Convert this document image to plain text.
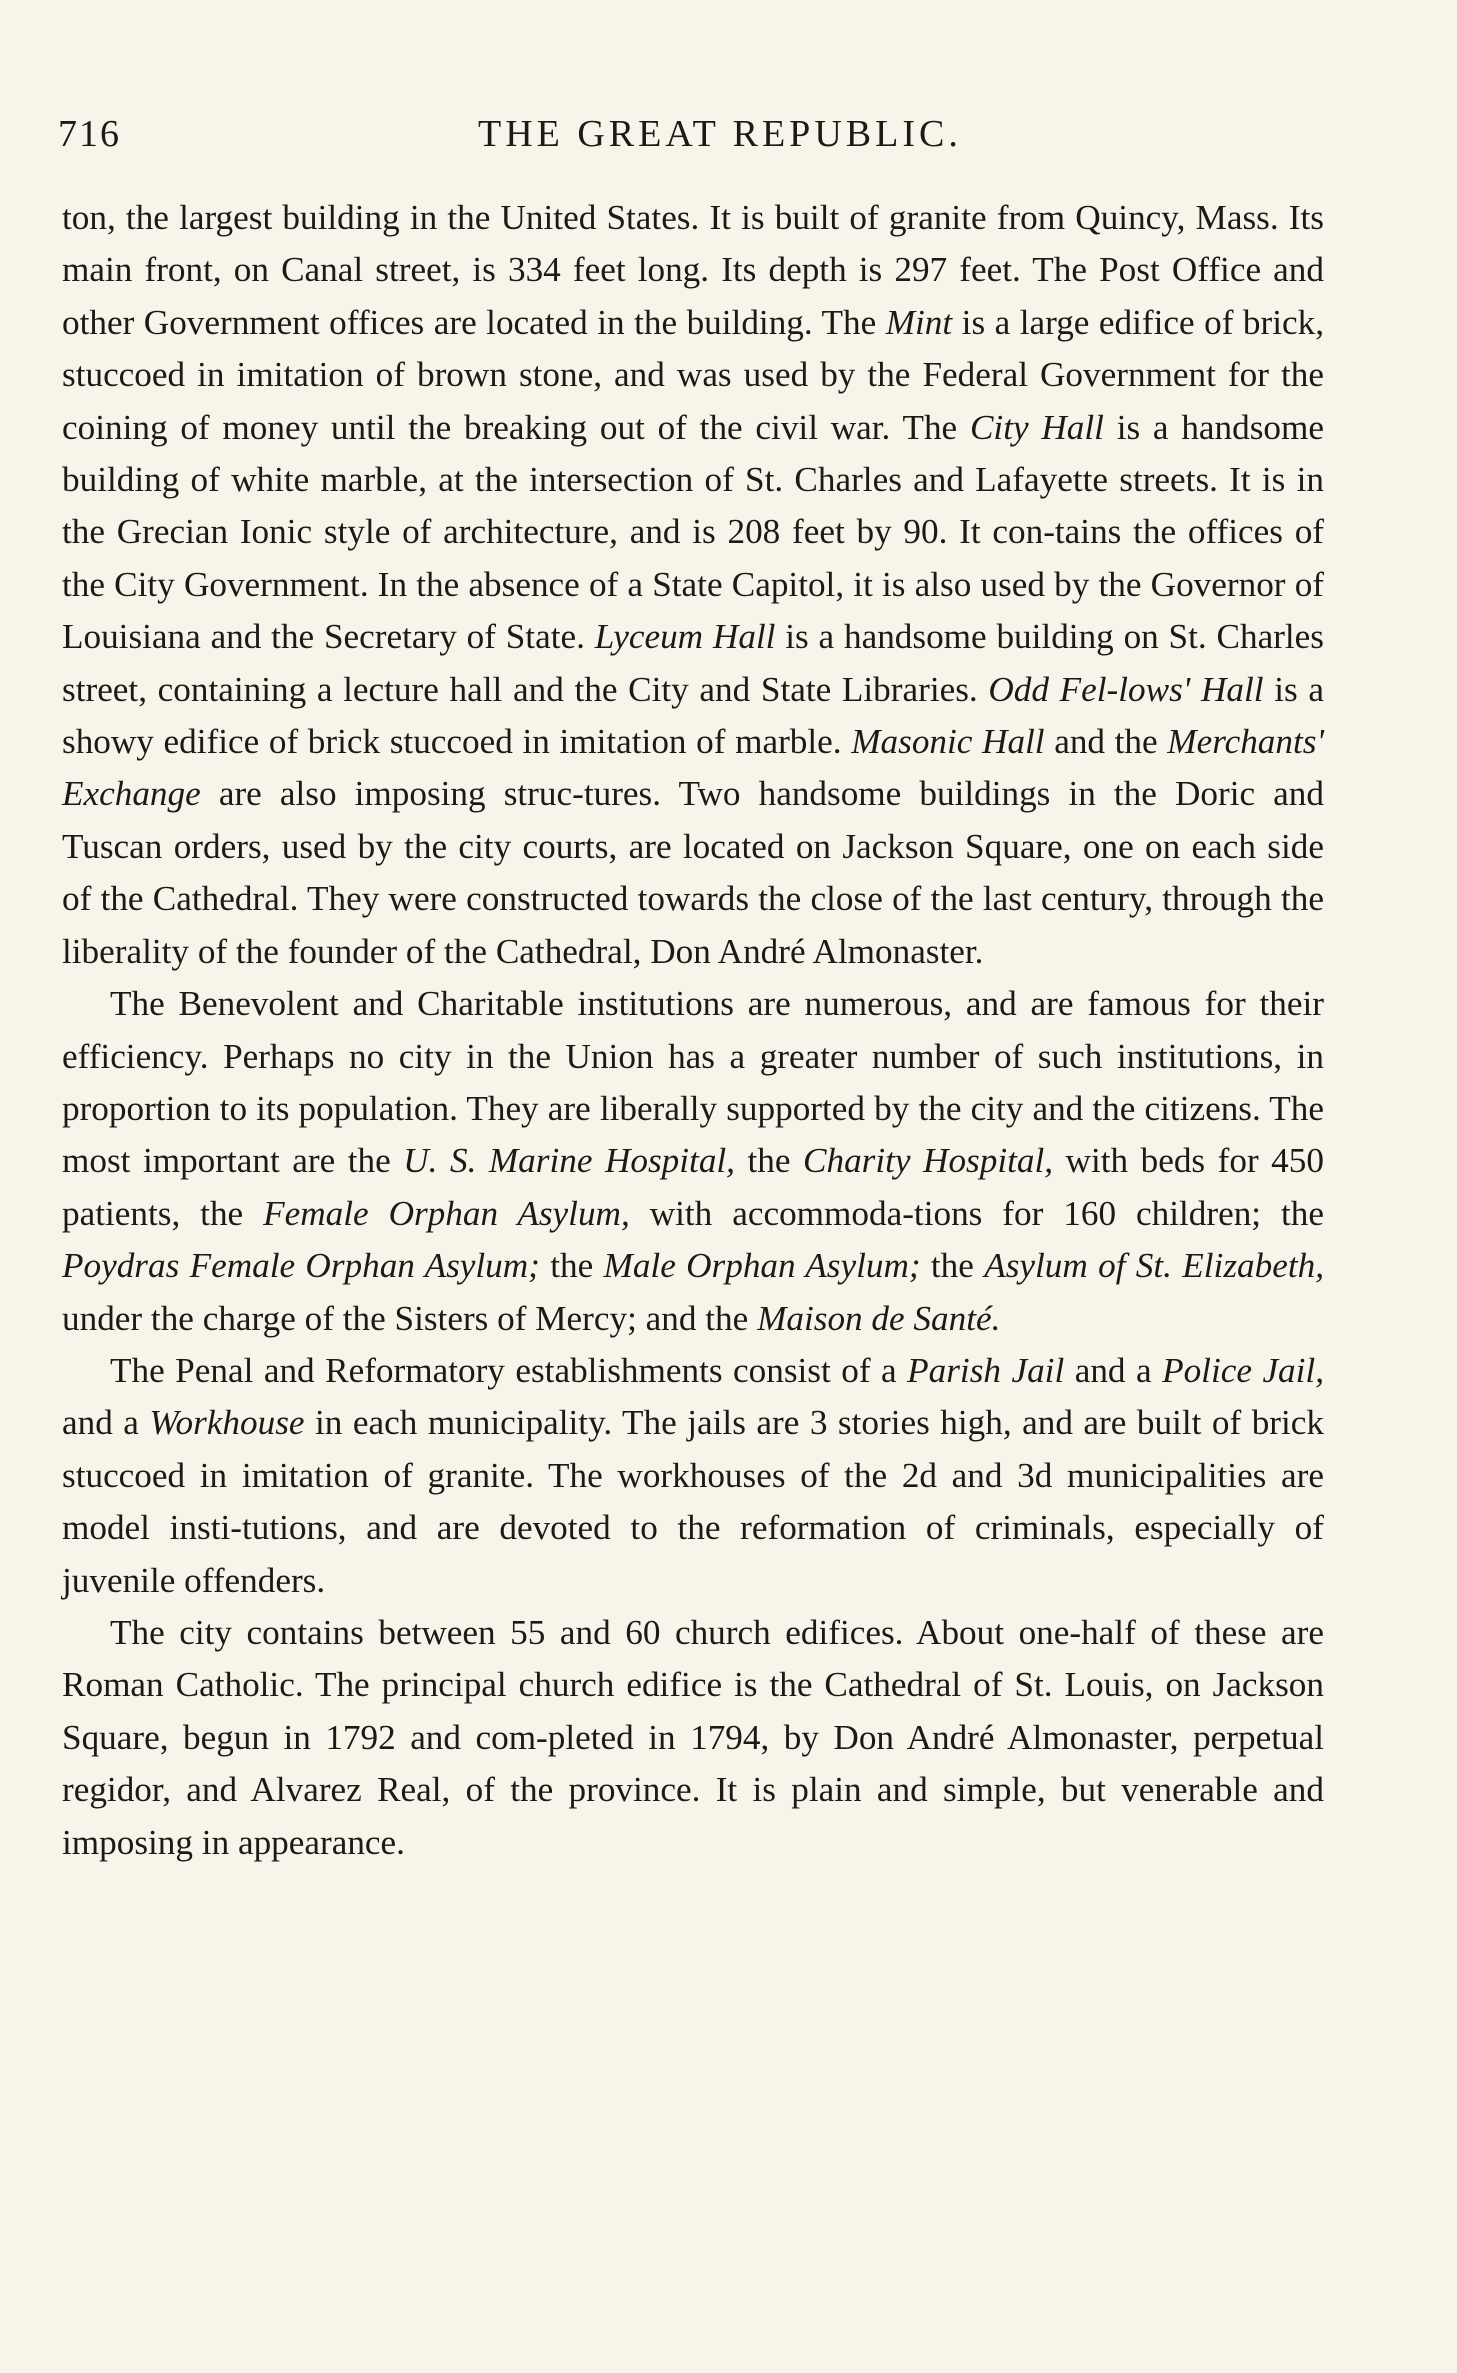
716	THE GREAT REPUBLIC.

ton, the largest building in the United States. It is built of granite from Quincy, Mass. Its main front, on Canal street, is 334 feet long. Its depth is 297 feet. The Post Office and other Government offices are located in the building. The Mint is a large edifice of brick, stuccoed in imitation of brown stone, and was used by the Federal Government for the coining of money until the breaking out of the civil war. The City Hall is a handsome building of white marble, at the intersection of St. Charles and Lafayette streets. It is in the Grecian Ionic style of architecture, and is 208 feet by 90. It con-tains the offices of the City Government. In the absence of a State Capitol, it is also used by the Governor of Louisiana and the Secretary of State. Lyceum Hall is a handsome building on St. Charles street, containing a lecture hall and the City and State Libraries. Odd Fel-lows' Hall is a showy edifice of brick stuccoed in imitation of marble. Masonic Hall and the Merchants' Exchange are also imposing struc-tures. Two handsome buildings in the Doric and Tuscan orders, used by the city courts, are located on Jackson Square, one on each side of the Cathedral. They were constructed towards the close of the last century, through the liberality of the founder of the Cathedral, Don André Almonaster.

The Benevolent and Charitable institutions are numerous, and are famous for their efficiency. Perhaps no city in the Union has a greater number of such institutions, in proportion to its population. They are liberally supported by the city and the citizens. The most important are the U. S. Marine Hospital, the Charity Hospital, with beds for 450 patients, the Female Orphan Asylum, with accommoda-tions for 160 children; the Poydras Female Orphan Asylum; the Male Orphan Asylum; the Asylum of St. Elizabeth, under the charge of the Sisters of Mercy; and the Maison de Santé.

The Penal and Reformatory establishments consist of a Parish Jail and a Police Jail, and a Workhouse in each municipality. The jails are 3 stories high, and are built of brick stuccoed in imitation of granite. The workhouses of the 2d and 3d municipalities are model insti-tutions, and are devoted to the reformation of criminals, especially of juvenile offenders.

The city contains between 55 and 60 church edifices. About one-half of these are Roman Catholic. The principal church edifice is the Cathedral of St. Louis, on Jackson Square, begun in 1792 and com-pleted in 1794, by Don André Almonaster, perpetual regidor, and Alvarez Real, of the province. It is plain and simple, but venerable and imposing in appearance.
